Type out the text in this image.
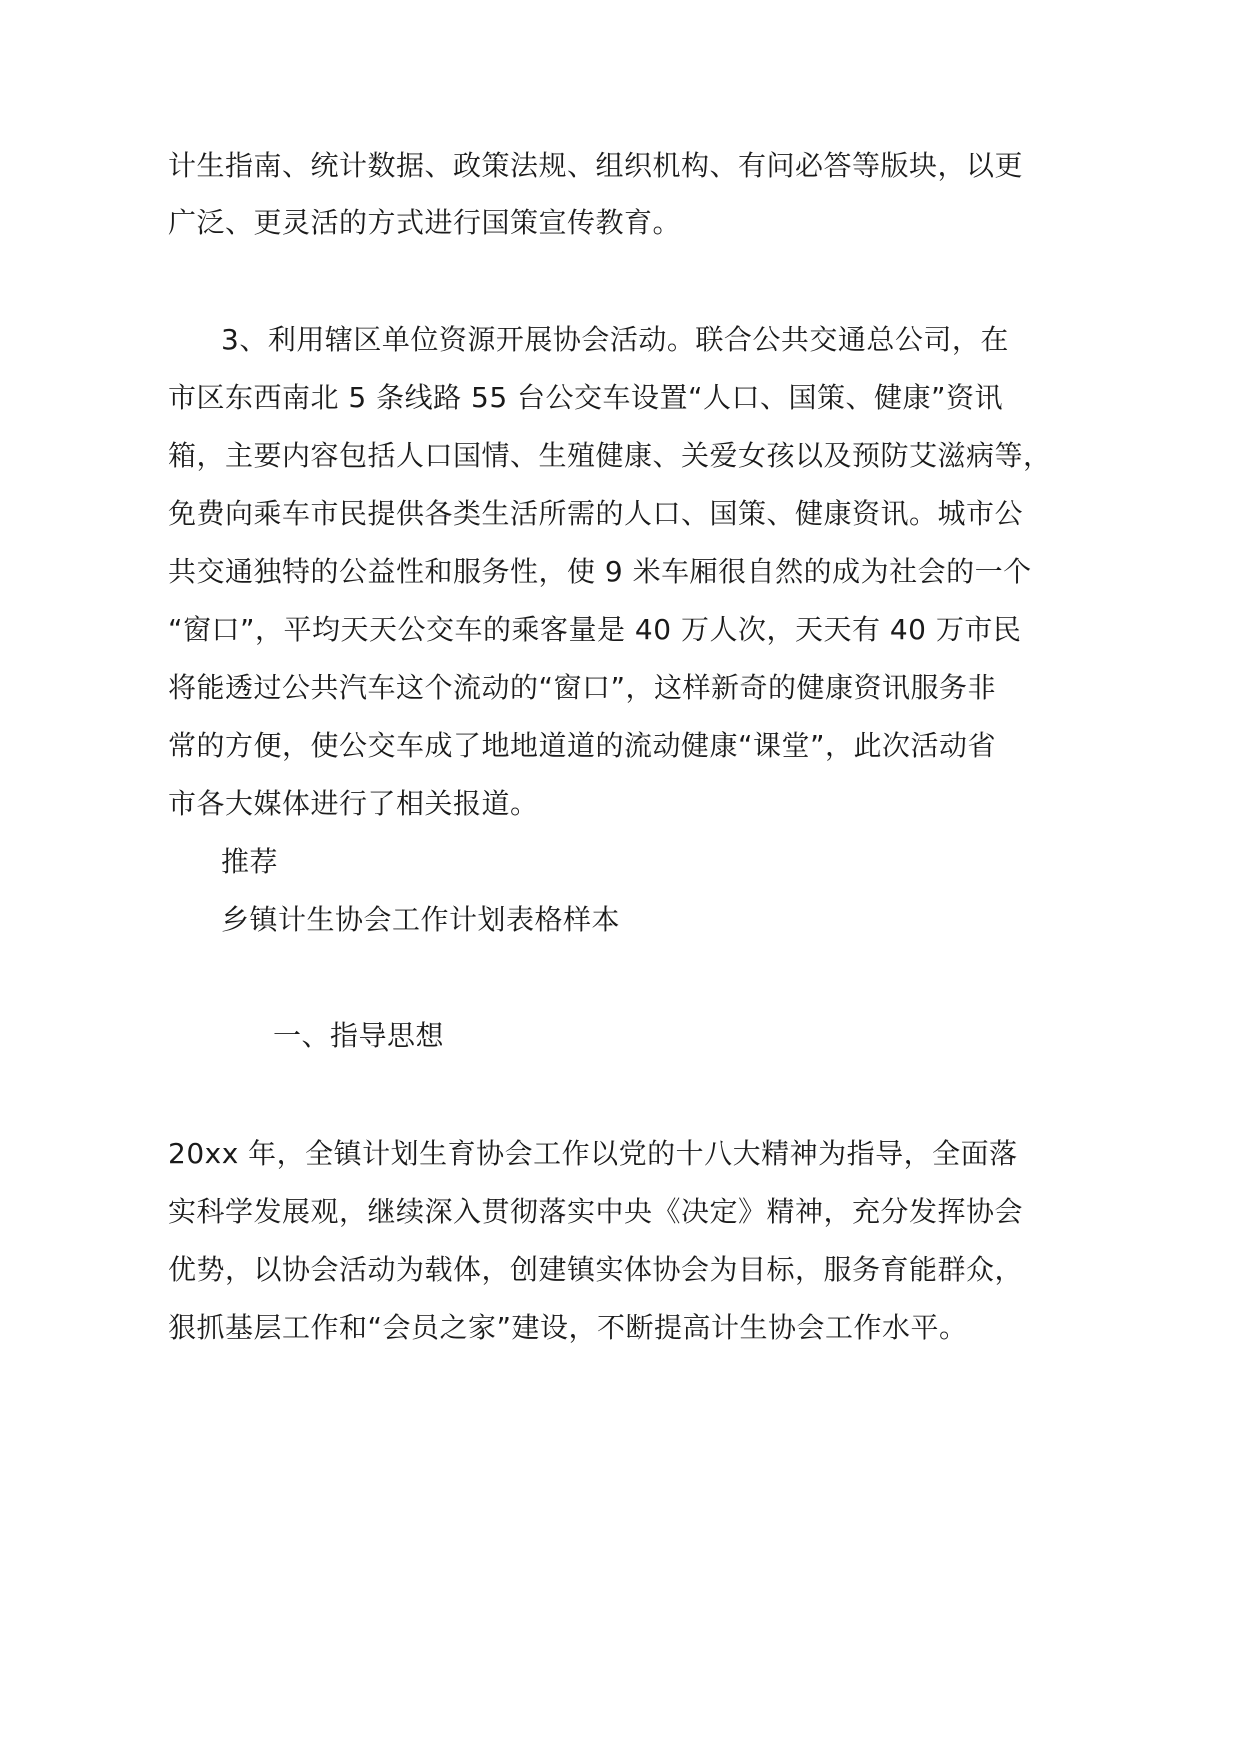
计生指南、统计数据、政策法规、组织机构、有问必答等版块，以更
广泛、更灵活的方式进行国策宣传教育。
3、利用辖区单位资源开展协会活动。联合公共交通总公司，在
市区东西南北 5 条线路 55 台公交车设置“人口、国策、健康”资讯
箱，主要内容包括人口国情、生殖健康、关爱女孩以及预防艾滋病等，
免费向乘车市民提供各类生活所需的人口、国策、健康资讯。城市公
共交通独特的公益性和服务性，使 9 米车厢很自然的成为社会的一个
“窗口”，平均天天公交车的乘客量是 40 万人次，天天有 40 万市民
将能透过公共汽车这个流动的“窗口”，这样新奇的健康资讯服务非
常的方便，使公交车成了地地道道的流动健康“课堂”，此次活动省
市各大媒体进行了相关报道。
推荐
乡镇计生协会工作计划表格样本
一、指导思想
20xx 年，全镇计划生育协会工作以党的十八大精神为指导，全面落
实科学发展观，继续深入贯彻落实中央《决定》精神，充分发挥协会
优势，以协会活动为载体，创建镇实体协会为目标，服务育能群众，
狠抓基层工作和“会员之家”建设，不断提高计生协会工作水平。
